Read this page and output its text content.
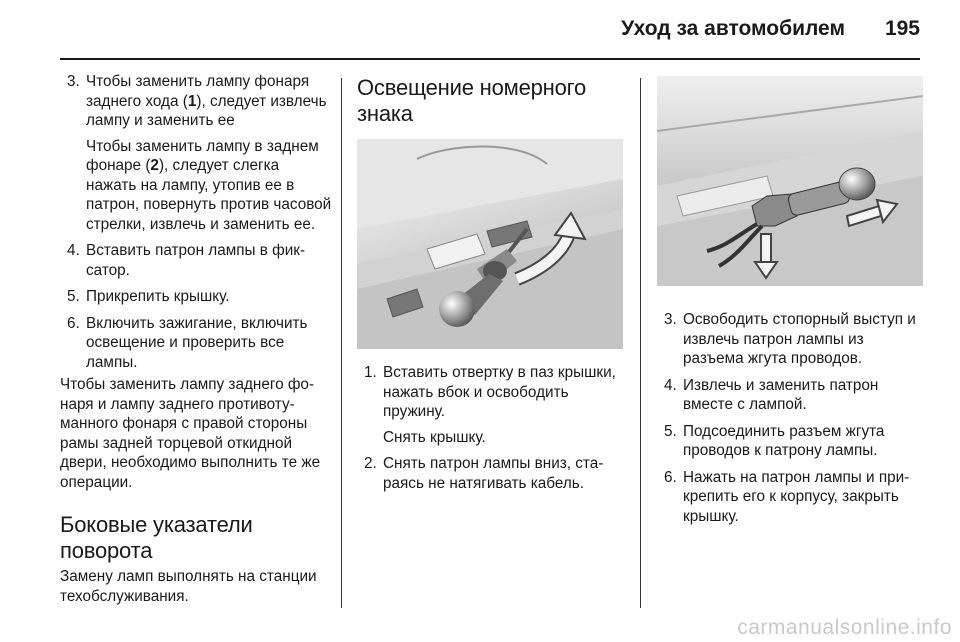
Уход за автомобилем 195
3. Чтобы заменить лампу фонаря заднего хода (1), следует извлечь лампу и заменить ее
Чтобы заменить лампу в заднем фонаре (2), следует слегка нажать на лампу, утопив ее в патрон, повернуть против часовой стрелки, извлечь и заменить ее.
4. Вставить патрон лампы в фиксатор.
5. Прикрепить крышку.
6. Включить зажигание, включить освещение и проверить все лампы.

Чтобы заменить лампу заднего фонаря и лампу заднего противотуманного фонаря с правой стороны рамы задней торцевой откидной двери, необходимо выполнить те же операции.

Боковые указатели поворота

Замену ламп выполнять на станции техобслуживания.

Освещение номерного знака
1. Вставить отвертку в паз крышки, нажать вбок и освободить пружину.
Снять крышку.
2. Снять патрон лампы вниз, стараясь не натягивать кабель.
3. Освободить стопорный выступ и извлечь патрон лампы из разъема жгута проводов.
4. Извлечь и заменить патрон вместе с лампой.
5. Подсоединить разъем жгута проводов к патрону лампы.
6. Нажать на патрон лампы и прикрепить его к корпусу, закрыть крышку.
carmanualsonline.info
